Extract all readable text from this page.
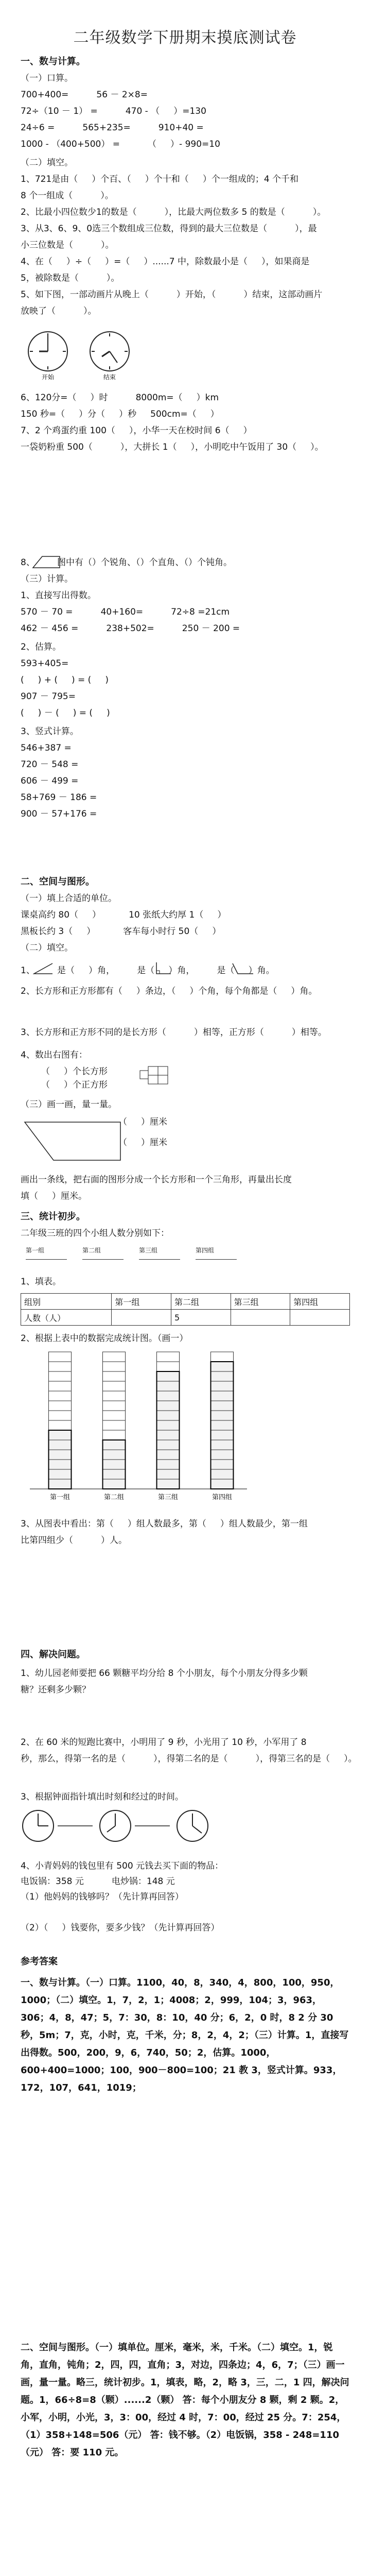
二年级数学下册期末摸底测试卷
一、数与计算。
（一）口算。
700+400=          56 － 2×8=
72÷（10 － 1） =          470 - （     ）=130
24÷6 =          565+235=          910+40 =
1000 - （400+500） =          （     ）- 990=10
（二）填空。
1、721是由（     ）个百、（     ）个十和（     ）个一组成的；4 个千和
8 个一组成（          ）。
2、比最小四位数少1的数是（          ），比最大两位数多 5 的数是（          ）。
3、从3、6、9、0选三个数组成三位数，得到的最大三位数是（          ），最
小三位数是（          ）。
4、在（     ）÷（     ）=（     ）......7 中，除数最小是（     ），如果商是
5，被除数是（          ）。
5、如下图，一部动画片从晚上（          ）开始，（          ）结束，这部动画片
放映了（          ）。
开始	结束
6、120分=（     ）时          8000m=（     ）km
150 秒=（     ）分（     ）秒     500cm=（     ）
7、2 个鸡蛋约重 100（     ），小华一天在校时间 6（     ）
一袋奶粉重 500（          ），大拼长 1（     ），小明吃中午饭用了 30（     ）。
8、        图中有（）个锐角、（）个直角、（）个钝角。
（三）计算。
1、直接写出得数。
570 － 70 =          40+160=          72÷8 =21cm
462 － 456 =          238+502=          250 － 200 =
2、估算。
593+405=
(     ) + (     ) = (     )
907 － 795=
(     ) － (     ) = (     )
3、竖式计算。
546+387 =
720 － 548 =
606 － 499 =
58+769 － 186 =
900 － 57+176 =
二、空间与图形。
（一）填上合适的单位。
课桌高约 80（     ）          10 张纸大约厚 1（     ）
黑板长约 3（     ）          客车每小时行 50（     ）
（二）填空。
1、        是（     ）角，        是（     ）角，        是（     ）角。
2、长方形和正方形都有（     ）条边，（     ）个角，每个角都是（     ）角。
3、长方形和正方形不同的是长方形（          ）相等，正方形（          ）相等。
4、数出右图有：
（     ）个长方形
（     ）个正方形
（三）画一画，量一量。
（     ）厘米
（     ）厘米
画出一条线，把右面的图形分成一个长方形和一个三角形，再量出长度
填（     ）厘米。
三、统计初步。
二年级三班的四个小组人数分别如下：
第一组	第二组	第三组	第四组
1、填表。
组别	第一组	第二组	第三组	第四组
人数（人）		5		
2、根据上表中的数据完成统计图。（画一）
第一组	第二组	第三组	第四组
3、从图表中看出：第（     ）组人数最多，第（     ）组人数最少，第一组
比第四组少（          ）人。
四、解决问题。
1、幼儿园老师要把 66 颗糖平均分给 8 个小朋友，每个小朋友分得多少颗
糖？还剩多少颗？
2、在 60 米的短跑比赛中，小明用了 9 秒，小光用了 10 秒，小军用了 8
秒，那么，得第一名的是（          ），得第二名的是（          ），得第三名的是（     ）。
3、根据钟面指针填出时刻和经过的时间。
4、小青妈妈的钱包里有 500 元钱去买下面的物品：
电饭锅：358 元          电炒锅：148 元
（1）他妈妈的钱够吗？（先计算再回答）
（2）（     ）钱要你，要多少钱？（先计算再回答）
参考答案
一、数与计算。（一）口算。1100，40，8，340，4，800，100，950，1000；（二）填空。1，7，2，1；4008；2，999，104；3，963，306；4，8，47；5，7：30，8：10，40 分；6，2，0 时，8 2 分 30 秒，5m；7，克，小时，克，千米，分；8，2，4，2；（三）计算。1，直接写出得数。500，200，9，6，740，50；2，估算。1000，600+400=1000；100，900－800=100；21 教 3，竖式计算。933，172，107，641，1019；
二、空间与图形。（一）填单位。厘米，毫米，米，千米。（二）填空。1，锐角，直角，钝角；2，四，四，直角；3，对边，四条边；4，6，7；（三）画一画，量一量。略三，统计初步。1，填表，略，2，略 3，三，二，1 四，解决问题。1，66÷8=8（颗）......2（颗） 答：每个小朋友分 8 颗，剩 2 颗。2，小军，小明，小光，3，3：00，经过 4 时，7：00，经过 25 分。7：254，（1）358+148=506（元） 答：钱不够。（2）电饭锅，358 - 248=110（元） 答：要 110 元。
